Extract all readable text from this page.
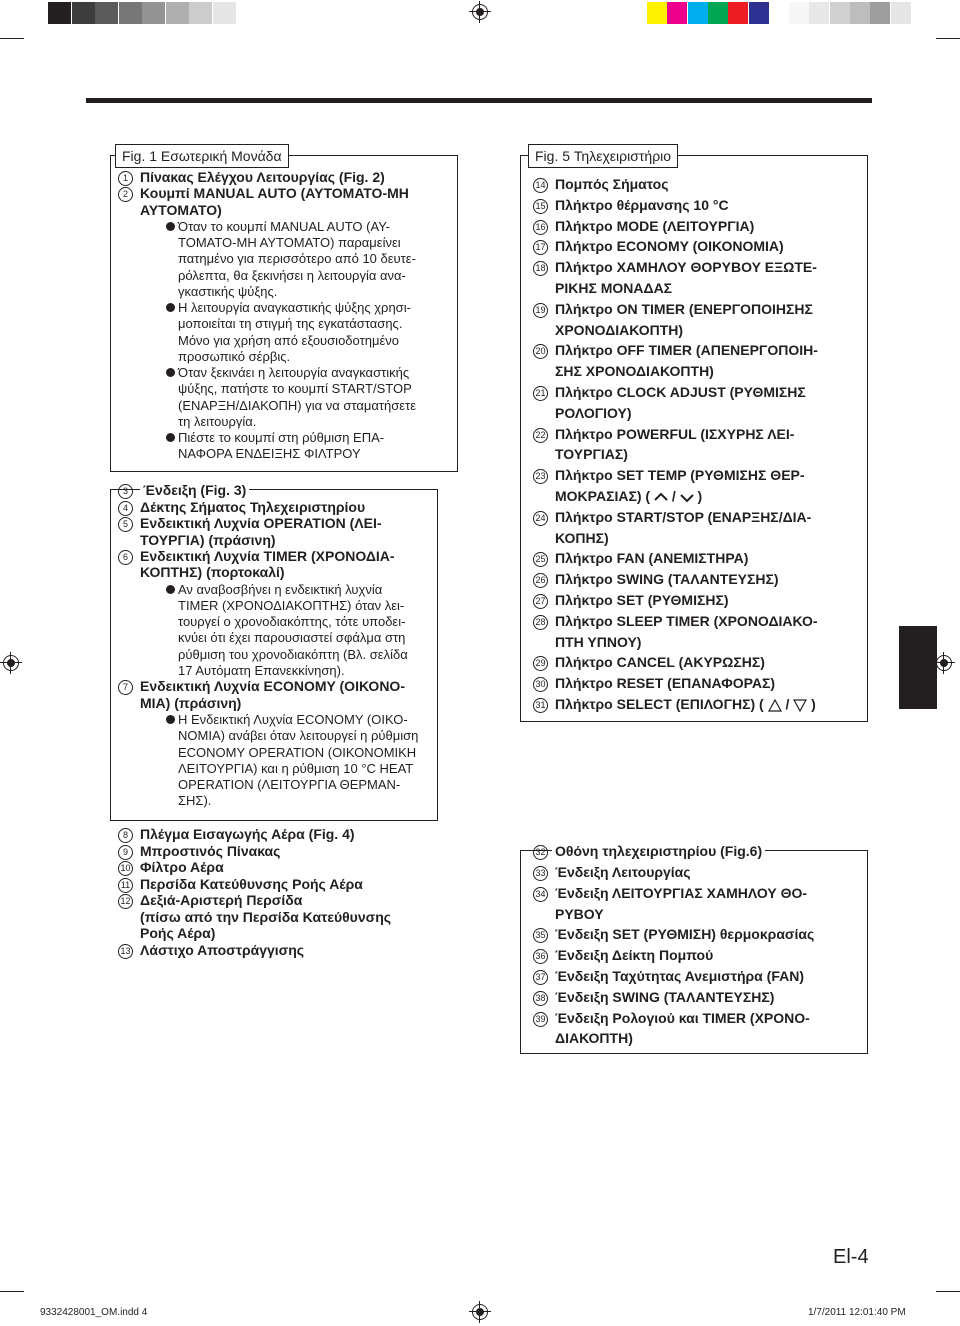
Fig. 1 Εσωτερική Μονάδα	Fig. 5 Τηλεχειριστήριο
1 Πίνακας Ελέγχου Λειτουργίας (Fig. 2)
2 Κουμπί MANUAL AUTO (ΑΥΤΟΜΑΤΟ-ΜΗ
ΑΥΤΟΜΑΤΟ)
Όταν το κουμπί MANUAL AUTO (ΑΥ-
ΤΟΜΑΤΟ-ΜΗ ΑΥΤΟΜΑΤΟ) παραμείνει
πατημένο για περισσότερο από 10 δευτε-
ρόλεπτα, θα ξεκινήσει η λειτουργία ανα-
γκαστικής ψύξης.
Η λειτουργία αναγκαστικής ψύξης χρησι-
μοποιείται τη στιγμή της εγκατάστασης.
Μόνο για χρήση από εξουσιοδοτημένο
προσωπικό σέρβις.
Όταν ξεκινάει η λειτουργία αναγκαστικής
ψύξης, πατήστε το κουμπί START/STOP
(ΕΝΑΡΞΗ/ΔΙΑΚΟΠΗ) για να σταματήσετε
τη λειτουργία.
Πιέστε το κουμπί στη ρύθμιση ΕΠΑ-
ΝΑΦΟΡΑ ΕΝΔΕΙΞΗΣ ΦΙΛΤΡΟΥ
3	Ένδειξη (Fig. 3)
4 Δέκτης Σήματος Τηλεχειριστηρίου
5 Ενδεικτική Λυχνία OPERATION (ΛΕΙ-
ΤΟΥΡΓΙΑ) (πράσινη)
6 Ενδεικτική Λυχνία TIMER (ΧΡΟΝΟΔΙΑ-
ΚΟΠΤΗΣ) (πορτοκαλί)
Αν αναβοσβήνει η ενδεικτική λυχνία
TIMER (ΧΡΟΝΟΔΙΑΚΟΠΤΗΣ) όταν λει-
τουργεί ο χρονοδιακόπτης, τότε υποδει-
κνύει ότι έχει παρουσιαστεί σφάλμα στη
ρύθμιση του χρονοδιακόπτη (Βλ. σελίδα
17 Αυτόματη Επανεκκίνηση).
7 Ενδεικτική Λυχνία ECONOMY (ΟΙΚΟΝΟ-
ΜΙΑ) (πράσινη)
Η Ενδεικτική Λυχνία ECONOMY (ΟΙΚΟ-
ΝΟΜΙΑ) ανάβει όταν λειτουργεί η ρύθμιση
ECONOMY OPERATION (ΟΙΚΟΝΟΜΙΚΗ
ΛΕΙΤΟΥΡΓΙΑ) και η ρύθμιση 10 °C HEAT
OPERATION (ΛΕΙΤΟΥΡΓΙΑ ΘΕΡΜΑΝ-
ΣΗΣ).
8 Πλέγμα Εισαγωγής Αέρα (Fig. 4)
9 Μπροστινός Πίνακας
10 Φίλτρο Αέρα
11 Περσίδα Κατεύθυνσης Ροής Αέρα
12 Δεξιά-Αριστερή Περσίδα
(πίσω από την Περσίδα Κατεύθυνσης
Ροής Αέρα)
13 Λάστιχο Αποστράγγισης
14 Πομπός Σήματος
15 Πλήκτρο θέρμανσης 10 °C
16 Πλήκτρο MODE (ΛΕΙΤΟΥΡΓΙΑ)
17 Πλήκτρο ECONOMY (ΟΙΚΟΝΟΜΙΑ)
18 Πλήκτρο ΧΑΜΗΛΟΥ ΘΟΡΥΒΟΥ ΕΞΩΤΕ-
ΡΙΚΗΣ ΜΟΝΑΔΑΣ
19 Πλήκτρο ON TIMER (ΕΝΕΡΓΟΠΟΙΗΣΗΣ
ΧΡΟΝΟΔΙΑΚΟΠΤΗ)
20 Πλήκτρο OFF TIMER (ΑΠΕΝΕΡΓΟΠΟΙΗ-
ΣΗΣ ΧΡΟΝΟΔΙΑΚΟΠΤΗ)
21 Πλήκτρο CLOCK ADJUST (ΡΥΘΜΙΣΗΣ
ΡΟΛΟΓΙΟΥ)
22 Πλήκτρο POWERFUL (ΙΣΧΥΡΗΣ ΛΕΙ-
ΤΟΥΡΓΙΑΣ)
23 Πλήκτρο SET TEMP (ΡΥΘΜΙΣΗΣ ΘΕΡ-
ΜΟΚΡΑΣΙΑΣ) (  /  )
24 Πλήκτρο START/STOP (ΕΝΑΡΞΗΣ/ΔΙΑ-
ΚΟΠΗΣ)
25 Πλήκτρο FAN (ΑΝΕΜΙΣΤΗΡΑ)
26 Πλήκτρο SWING (ΤΑΛΑΝΤΕΥΣΗΣ)
27 Πλήκτρο SET (ΡΥΘΜΙΣΗΣ)
28 Πλήκτρο SLEEP TIMER (ΧΡΟΝΟΔΙΑΚΟ-
ΠΤΗ ΥΠΝΟΥ)
29 Πλήκτρο CANCEL (ΑΚΥΡΩΣΗΣ)
30 Πλήκτρο RESET (ΕΠΑΝΑΦΟΡΑΣ)
31 Πλήκτρο SELECT (ΕΠΙΛΟΓΗΣ) (  /  )
32 Οθόνη τηλεχειριστηρίου (Fig.6)
33 Ένδειξη Λειτουργίας
34 Ένδειξη ΛΕΙΤΟΥΡΓΙΑΣ ΧΑΜΗΛΟΥ ΘΟ-
ΡΥΒΟΥ
35 Ένδειξη SET (ΡΥΘΜΙΣΗ) θερμοκρασίας
36 Ένδειξη Δείκτη Πομπού
37 Ένδειξη Ταχύτητας Ανεμιστήρα (FAN)
38 Ένδειξη SWING (ΤΑΛΑΝΤΕΥΣΗΣ)
39 Ένδειξη Ρολογιού και TIMER (ΧΡΟΝΟ-
ΔΙΑΚΟΠΤΗ)
El-4
9332428001_OM.indd 4	1/7/2011 12:01:40 PM
